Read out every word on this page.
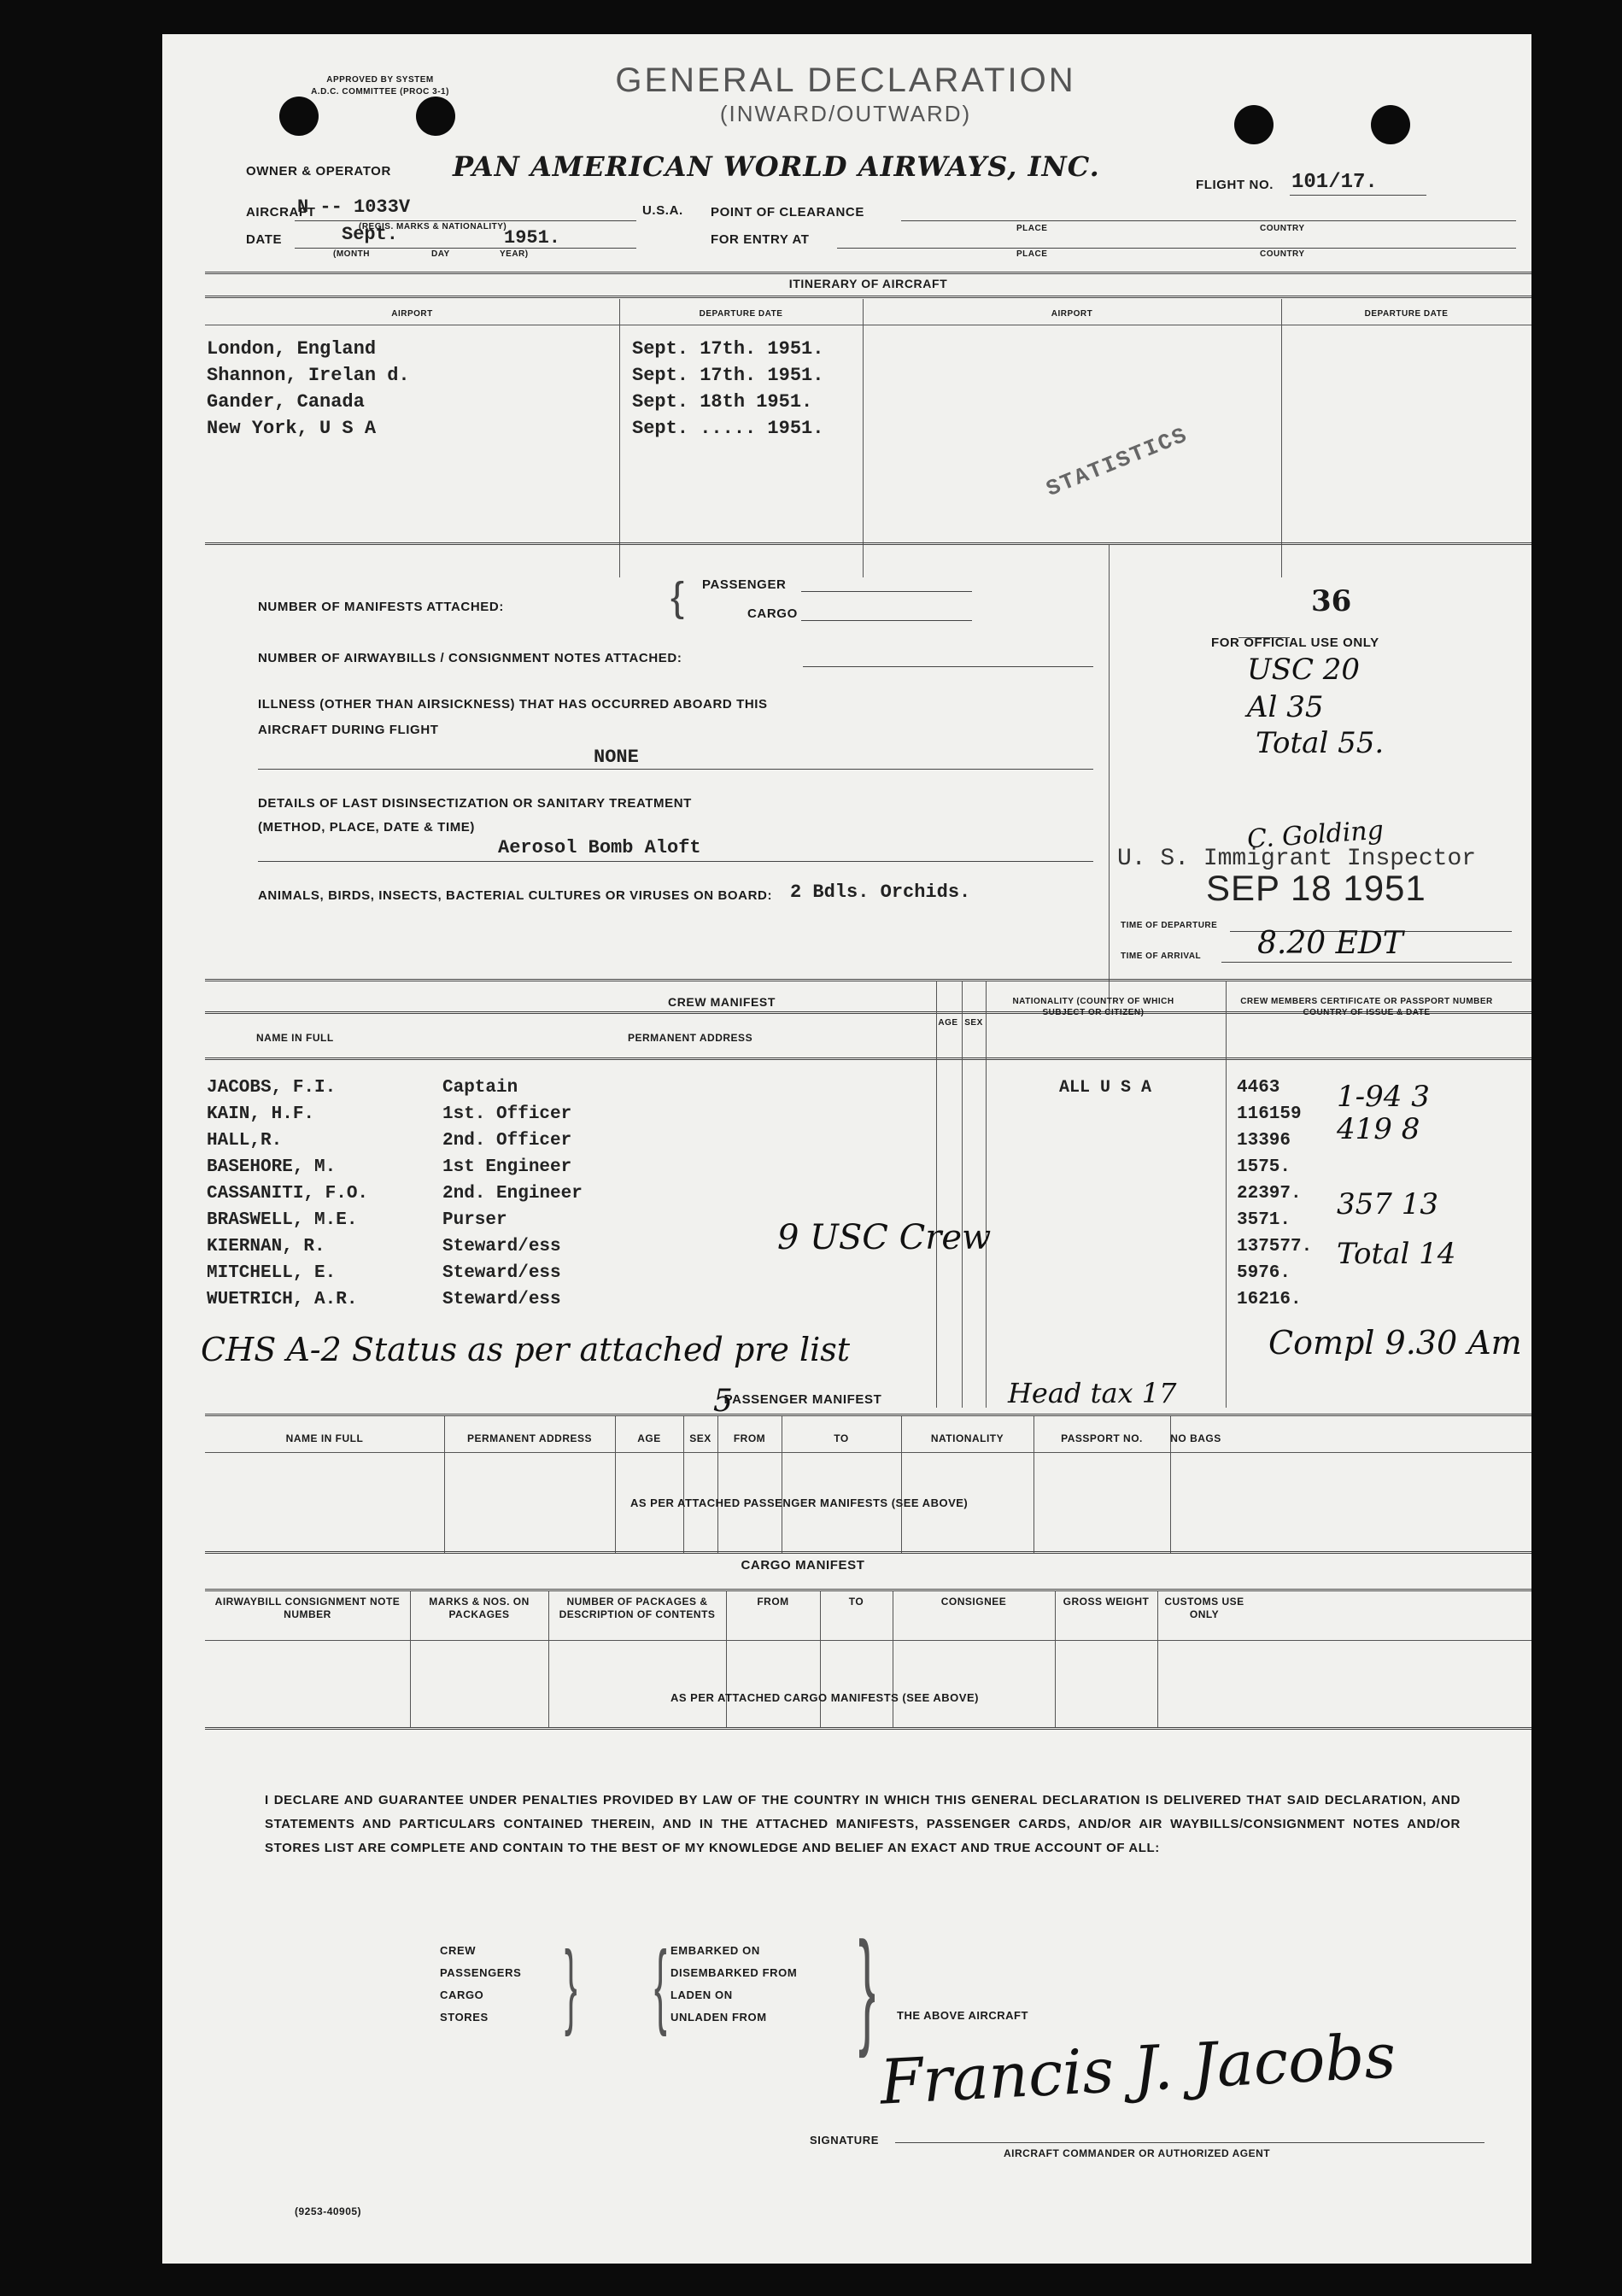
APPROVED BY SYSTEM
A.D.C. COMMITTEE (PROC 3-1)	GENERAL DECLARATION
(INWARD/OUTWARD)
OWNER & OPERATOR PAN AMERICAN WORLD AIRWAYS, INC.
FLIGHT NO. 101/17.
AIRCRAFT
N -- 1033V
(REGIS. MARKS & NATIONALITY)
U.S.A. POINT OF CLEARANCE
PLACE	COUNTRY
DATE	Sept.	1951.
(MONTH	DAY	YEAR)
FOR ENTRY AT
PLACE	COUNTRY
ITINERARY OF AIRCRAFT
AIRPORT	DEPARTURE DATE	AIRPORT	DEPARTURE DATE
London, England	Sept. 17th. 1951.
Shannon, Irelan d.	Sept. 17th. 1951.
Gander, Canada	Sept. 18th 1951.
New York, U S A	Sept. ..... 1951.	STATISTICS
NUMBER OF MANIFESTS ATTACHED:	{ PASSENGER
CARGO
NUMBER OF AIRWAYBILLS / CONSIGNMENT NOTES ATTACHED:
ILLNESS (OTHER THAN AIRSICKNESS) THAT HAS OCCURRED ABOARD THIS
AIRCRAFT DURING FLIGHT
NONE
DETAILS OF LAST DISINSECTIZATION OR SANITARY TREATMENT
(METHOD, PLACE, DATE & TIME)
Aerosol Bomb Aloft
ANIMALS, BIRDS, INSECTS, BACTERIAL CULTURES OR VIRUSES ON BOARD: 2 Bdls. Orchids.
36
FOR OFFICIAL USE ONLY
USC 20
Al 35
Total 55.
C. Golding
U. S. Immigrant Inspector
SEP 18 1951
TIME OF DEPARTURE
TIME OF ARRIVAL 8.20 EDT
CREW MANIFEST
NAME IN FULL	PERMANENT ADDRESS
AGE SEX
NATIONALITY (COUNTRY OF WHICH SUBJECT OR CITIZEN)
CREW MEMBERS CERTIFICATE OR PASSPORT NUMBER COUNTRY OF ISSUE & DATE
ALL U S A
JACOBS, F.I.	Captain	4463
KAIN, H.F.	1st. Officer	116159
HALL,R.	2nd. Officer	13396
BASEHORE, M.	1st Engineer	1575.
CASSANITI, F.O.	2nd. Engineer	22397.
BRASWELL, M.E.	Purser	3571.
KIERNAN, R.	Steward/ess	137577.
MITCHELL, E.	Steward/ess	5976.
WUETRICH, A.R.	Steward/ess	16216.
9 USC Crew
1-94 3
419 8
357 13
Total 14
CHS A-2 Status as per attached pre list	Compl 9.30 Am
PASSENGER MANIFEST
5	Head tax 17
NAME IN FULL	PERMANENT ADDRESS	AGE	SEX	FROM	TO	NATIONALITY	PASSPORT NO.	NO BAGS
AS PER ATTACHED PASSENGER MANIFESTS (SEE ABOVE)
CARGO MANIFEST
AIRWAYBILL CONSIGNMENT NOTE NUMBER
MARKS & NOS. ON PACKAGES
NUMBER OF PACKAGES & DESCRIPTION OF CONTENTS
FROM	TO	CONSIGNEE	GROSS WEIGHT	CUSTOMS USE ONLY
AS PER ATTACHED CARGO MANIFESTS (SEE ABOVE)
I DECLARE AND GUARANTEE UNDER PENALTIES PROVIDED BY LAW OF THE COUNTRY IN WHICH THIS GENERAL DECLARATION IS DELIVERED THAT SAID DECLARATION, AND STATEMENTS AND PARTICULARS CONTAINED THEREIN, AND IN THE ATTACHED MANIFESTS, PASSENGER CARDS, AND/OR AIR WAYBILLS/CONSIGNMENT NOTES AND/OR STORES LIST ARE COMPLETE AND CONTAIN TO THE BEST OF MY KNOWLEDGE AND BELIEF AN EXACT AND TRUE ACCOUNT OF ALL:
CREW
PASSENGERS
CARGO
STORES } { EMBARKED ON
DISEMBARKED FROM
LADEN ON
UNLADEN FROM } THE ABOVE AIRCRAFT
SIGNATURE
AIRCRAFT COMMANDER OR AUTHORIZED AGENT
Francis J. Jacobs
(9253-40905)
